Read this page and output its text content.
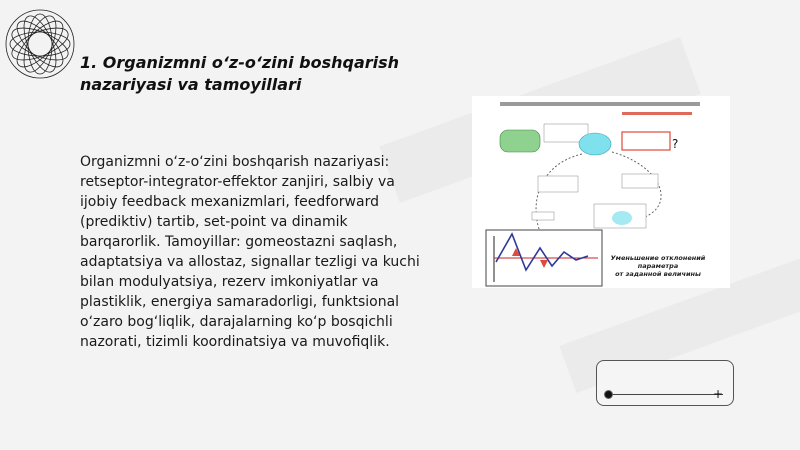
1. Organizmni o‘z-o‘zini boshqarish nazariyasi va tamoyillari
Organizmni o‘z-o‘zini boshqarish nazariyasi: retseptor-integrator-effektor zanjiri, salbiy va ijobiy feedback mexanizmlari, feedforward (prediktiv) tartib, set-point va dinamik barqarorlik. Tamoyillar: gomeostazni saqlash, adaptatsiya va allostaz, signallar tezligi va kuchi bilan modulyatsiya, rezerv imkoniyatlar va plastiklik, energiya samaradorligi, funktsional o‘zaro bog‘liqlik, darajalarning ko‘p bosqichli nazorati, tizimli koordinatsiya va muvofiqlik.
?
Уменьшение отклонений
параметра
от заданной величины
+
